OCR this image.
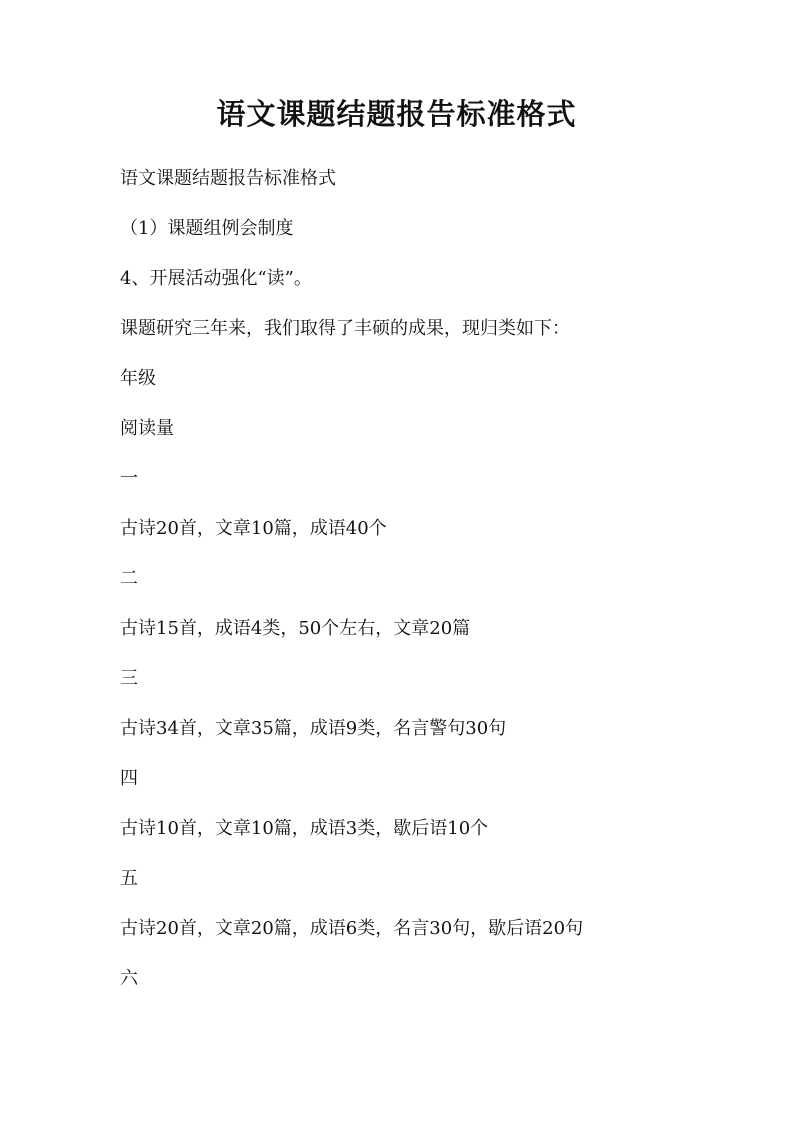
语文课题结题报告标准格式
语文课题结题报告标准格式
（1）课题组例会制度
4、开展活动强化“读”。
课题研究三年来，我们取得了丰硕的成果，现归类如下：
年级
阅读量
一
古诗20首，文章10篇，成语40个
二
古诗15首，成语4类，50个左右，文章20篇
三
古诗34首，文章35篇，成语9类，名言警句30句
四
古诗10首，文章10篇，成语3类，歇后语10个
五
古诗20首，文章20篇，成语6类，名言30句，歇后语20句
六
